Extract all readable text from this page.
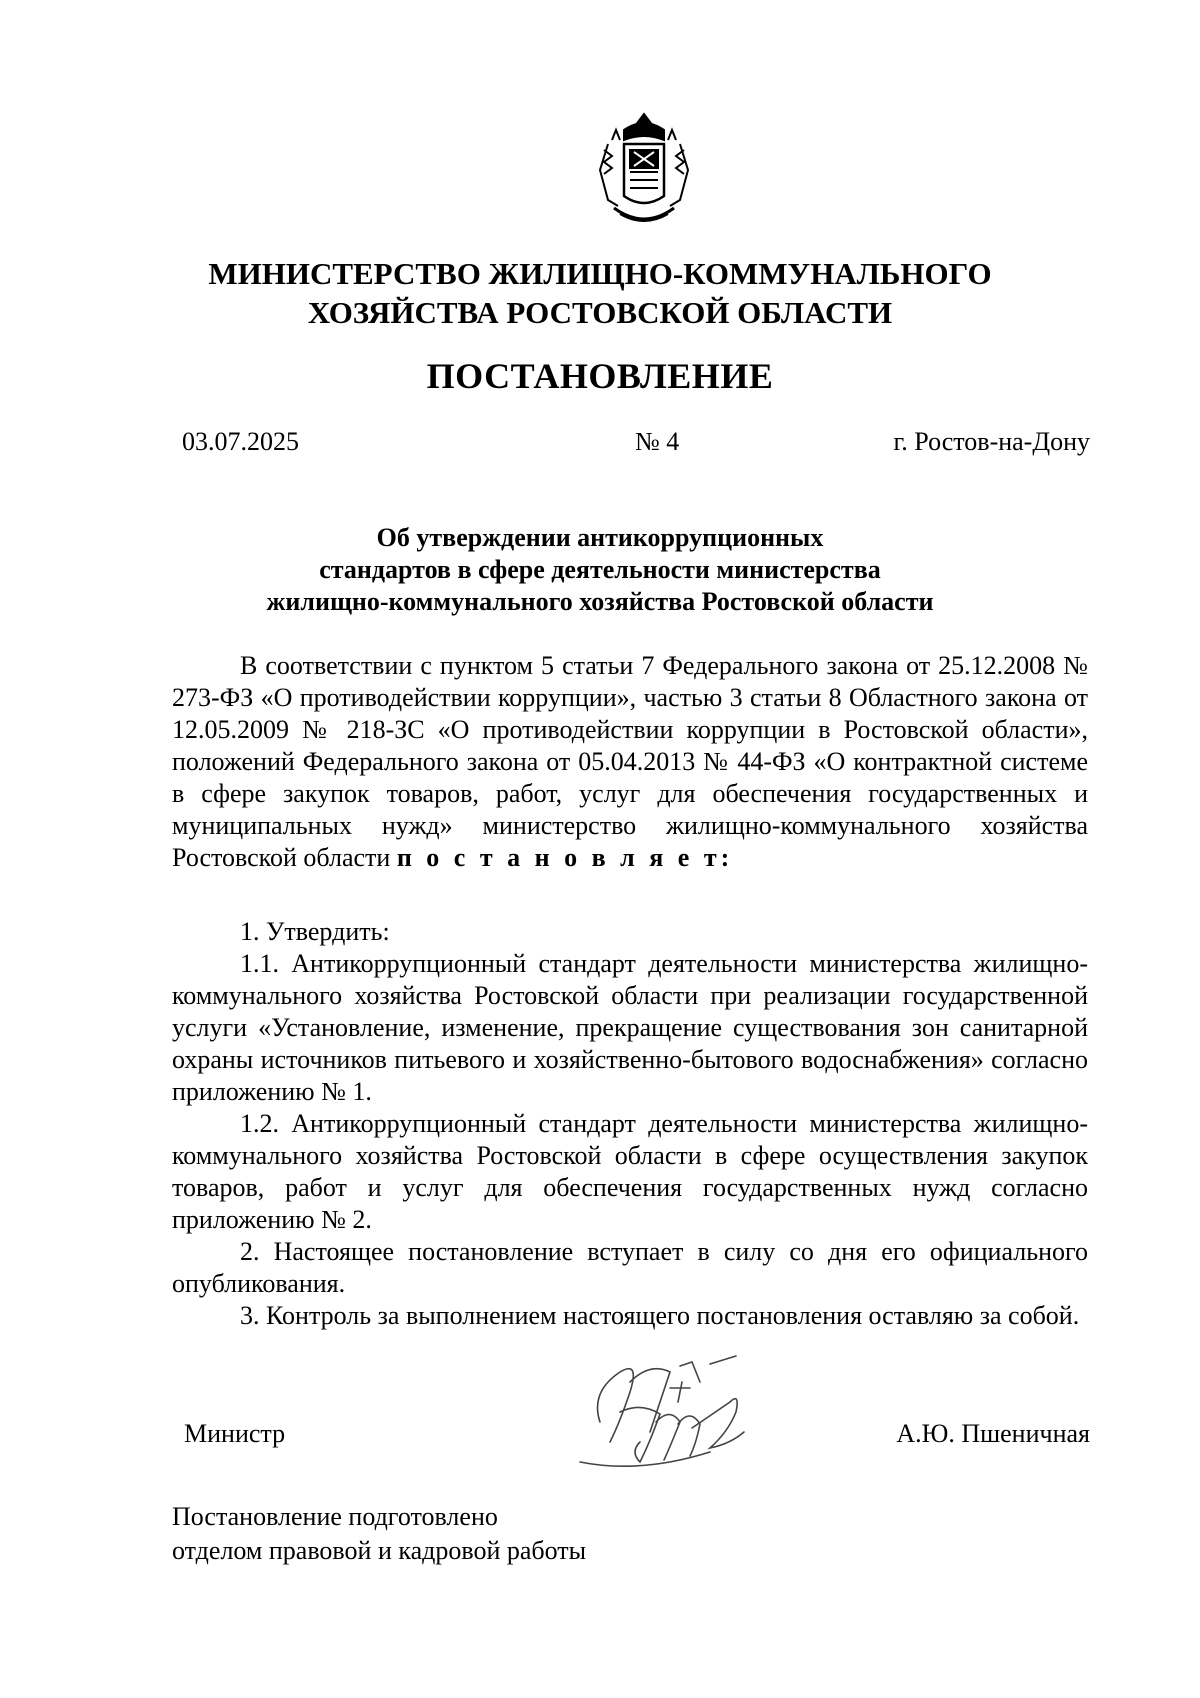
МИНИСТЕРСТВО ЖИЛИЩНО-КОММУНАЛЬНОГО
ХОЗЯЙСТВА РОСТОВСКОЙ ОБЛАСТИ
ПОСТАНОВЛЕНИЕ
03.07.2025	№ 4	г. Ростов-на-Дону
Об утверждении антикоррупционных
стандартов в сфере деятельности министерства
жилищно-коммунального хозяйства Ростовской области

В соответствии с пунктом 5 статьи 7 Федерального закона от 25.12.2008 № 273-ФЗ «О противодействии коррупции», частью 3 статьи 8 Областного закона от 12.05.2009 № 218-ЗС «О противодействии коррупции в Ростовской области», положений Федерального закона от 05.04.2013 № 44-ФЗ «О контрактной системе в сфере закупок товаров, работ, услуг для обеспечения государственных и муниципальных нужд» министерство жилищно-коммунального хозяйства Ростовской области п о с т а н о в л я е т:

1. Утвердить:

1.1. Антикоррупционный стандарт деятельности министерства жилищно-коммунального хозяйства Ростовской области при реализации государственной услуги «Установление, изменение, прекращение существования зон санитарной охраны источников питьевого и хозяйственно-бытового водоснабжения» согласно приложению № 1.

1.2. Антикоррупционный стандарт деятельности министерства жилищно-коммунального хозяйства Ростовской области в сфере осуществления закупок товаров, работ и услуг для обеспечения государственных нужд согласно приложению № 2.

2. Настоящее постановление вступает в силу со дня его официального опубликования.

3. Контроль за выполнением настоящего постановления оставляю за собой.

Министр	А.Ю. Пшеничная
Постановление подготовлено
отделом правовой и кадровой работы
